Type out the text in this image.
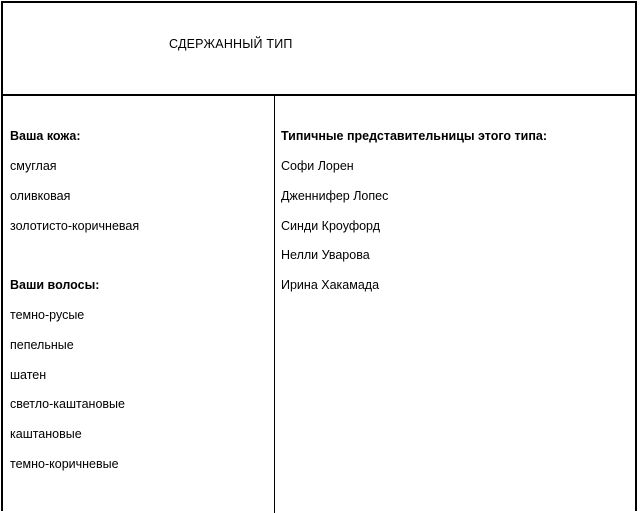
СДЕРЖАННЫЙ ТИП
Ваша кожа:
смуглая
оливковая
золотисто-коричневая
Ваши волосы:
темно-русые
пепельные
шатен
светло-каштановые
каштановые
темно-коричневые
Типичные представительницы этого типа:
Софи Лорен
Дженнифер Лопес
Синди Кроуфорд
Нелли Уварова
Ирина Хакамада
